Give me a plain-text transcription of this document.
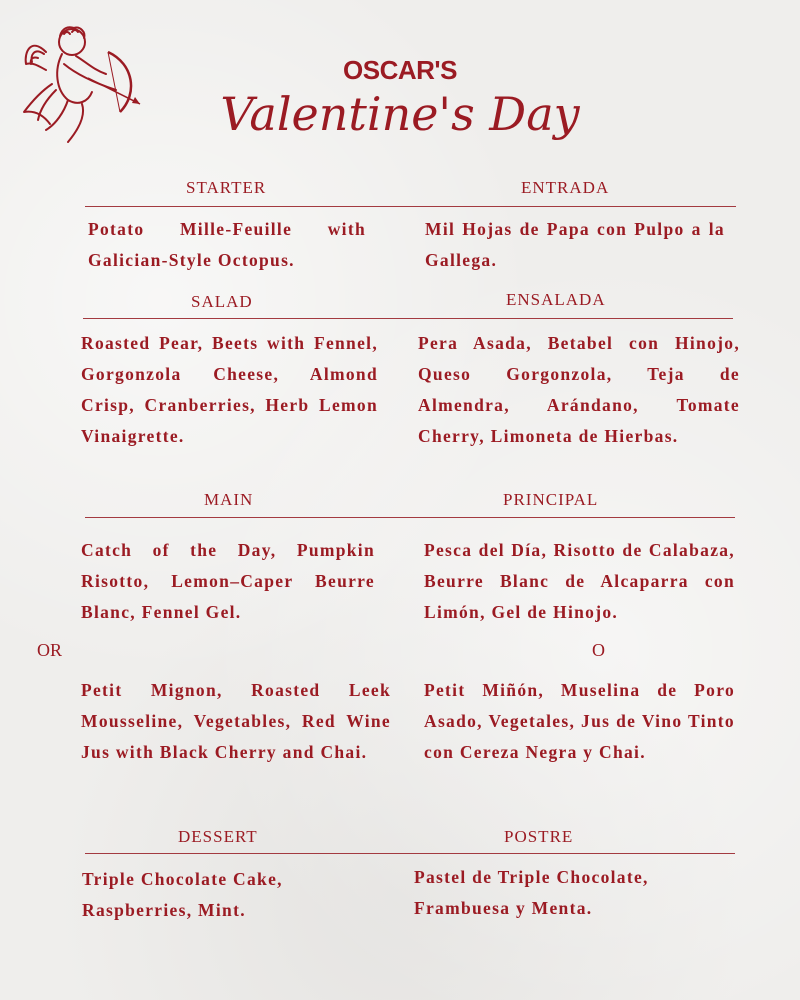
OSCAR'S
Valentine's Day
STARTER	ENTRADA
Potato Mille-Feuille with Galician-Style Octopus.
Mil Hojas de Papa con Pulpo a la Gallega.
SALAD	ENSALADA
Roasted Pear, Beets with Fennel, Gorgonzola Cheese, Almond Crisp, Cranberries, Herb Lemon Vinaigrette.
Pera Asada, Betabel con Hinojo, Queso Gorgonzola, Teja de Almendra, Arándano, Tomate Cherry, Limoneta de Hierbas.
MAIN	PRINCIPAL
Catch of the Day, Pumpkin Risotto, Lemon–Caper Beurre Blanc, Fennel Gel.
Pesca del Día, Risotto de Calabaza, Beurre Blanc de Alcaparra con Limón, Gel de Hinojo.
OR	O
Petit Mignon, Roasted Leek Mousseline, Vegetables, Red Wine Jus with Black Cherry and Chai.
Petit Miñón, Muselina de Poro Asado, Vegetales, Jus de Vino Tinto con Cereza Negra y Chai.
DESSERT	POSTRE
Triple Chocolate Cake, Raspberries, Mint.
Pastel de Triple Chocolate, Frambuesa y Menta.
